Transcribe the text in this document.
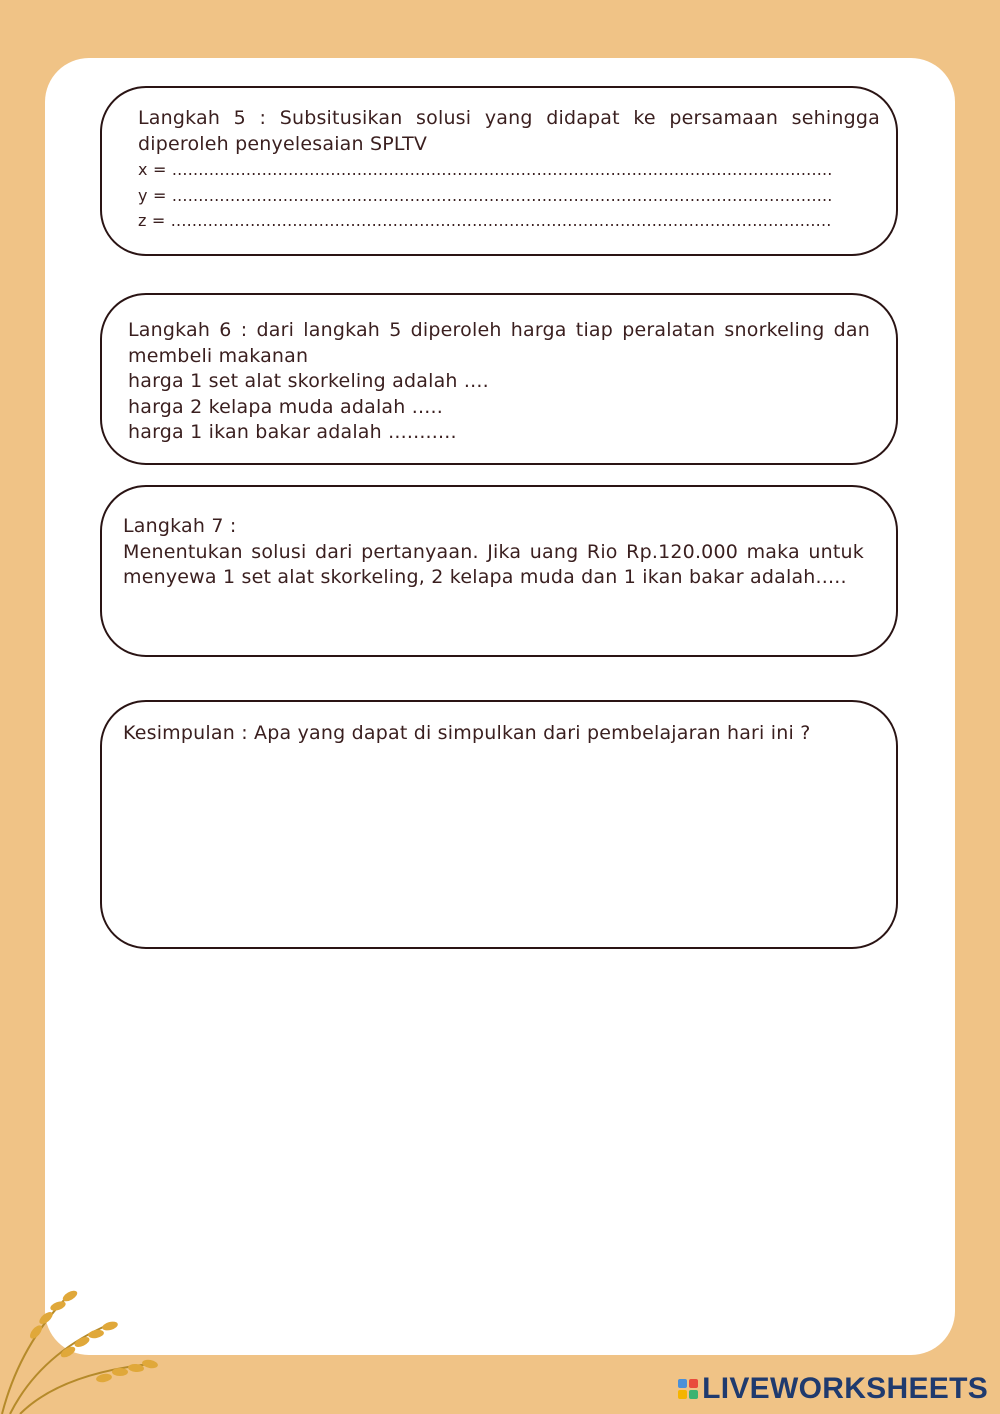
Langkah 5 : Subsitusikan solusi yang didapat ke persamaan sehingga diperoleh penyelesaian SPLTV

x = .............................................................................................................................

y = .............................................................................................................................

z = .............................................................................................................................

Langkah 6 : dari langkah 5 diperoleh harga tiap peralatan snorkeling dan membeli makanan

harga 1 set alat skorkeling adalah ....

harga 2 kelapa muda adalah .....

harga 1 ikan bakar adalah ...........

Langkah 7 :

Menentukan solusi dari pertanyaan. Jika uang Rio Rp.120.000 maka untuk menyewa 1 set alat skorkeling, 2 kelapa muda dan 1 ikan bakar adalah.....

Kesimpulan : Apa yang dapat di simpulkan dari pembelajaran hari ini ?

LIVEWORKSHEETS
